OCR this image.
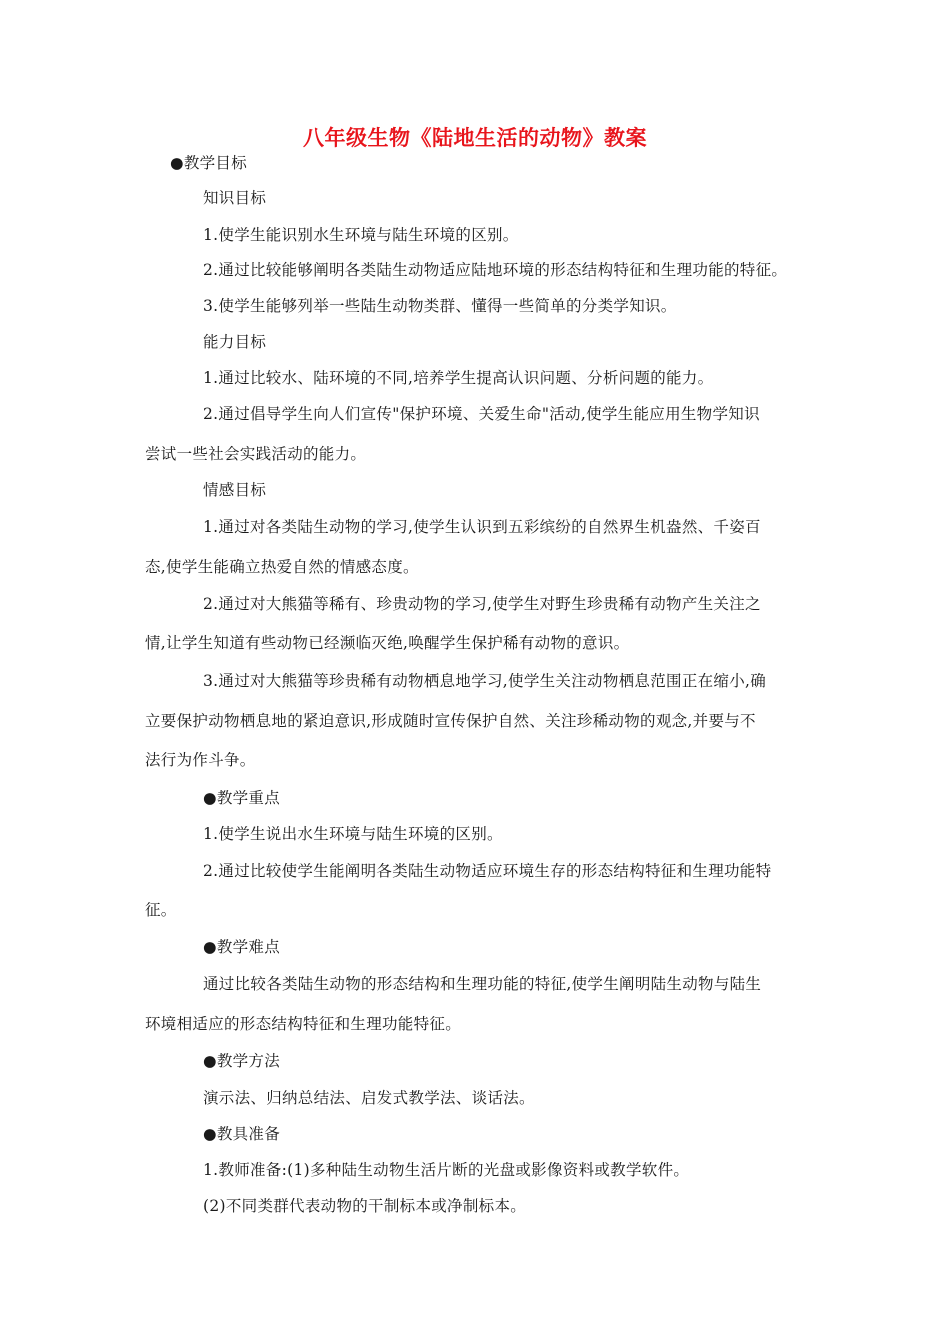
八年级生物《陆地生活的动物》教案
●教学目标
知识目标
1.使学生能识别水生环境与陆生环境的区别。
2.通过比较能够阐明各类陆生动物适应陆地环境的形态结构特征和生理功能的特征。
3.使学生能够列举一些陆生动物类群、懂得一些简单的分类学知识。
能力目标
1.通过比较水、陆环境的不同,培养学生提高认识问题、分析问题的能力。
2.通过倡导学生向人们宣传"保护环境、关爱生命"活动,使学生能应用生物学知识
尝试一些社会实践活动的能力。
情感目标
1.通过对各类陆生动物的学习,使学生认识到五彩缤纷的自然界生机盎然、千姿百
态,使学生能确立热爱自然的情感态度。
2.通过对大熊猫等稀有、珍贵动物的学习,使学生对野生珍贵稀有动物产生关注之
情,让学生知道有些动物已经濒临灭绝,唤醒学生保护稀有动物的意识。
3.通过对大熊猫等珍贵稀有动物栖息地学习,使学生关注动物栖息范围正在缩小,确
立要保护动物栖息地的紧迫意识,形成随时宣传保护自然、关注珍稀动物的观念,并要与不
法行为作斗争。
●教学重点
1.使学生说出水生环境与陆生环境的区别。
2.通过比较使学生能阐明各类陆生动物适应环境生存的形态结构特征和生理功能特
征。
●教学难点
通过比较各类陆生动物的形态结构和生理功能的特征,使学生阐明陆生动物与陆生
环境相适应的形态结构特征和生理功能特征。
●教学方法
演示法、归纳总结法、启发式教学法、谈话法。
●教具准备
1.教师准备:(1)多种陆生动物生活片断的光盘或影像资料或教学软件。
(2)不同类群代表动物的干制标本或净制标本。
